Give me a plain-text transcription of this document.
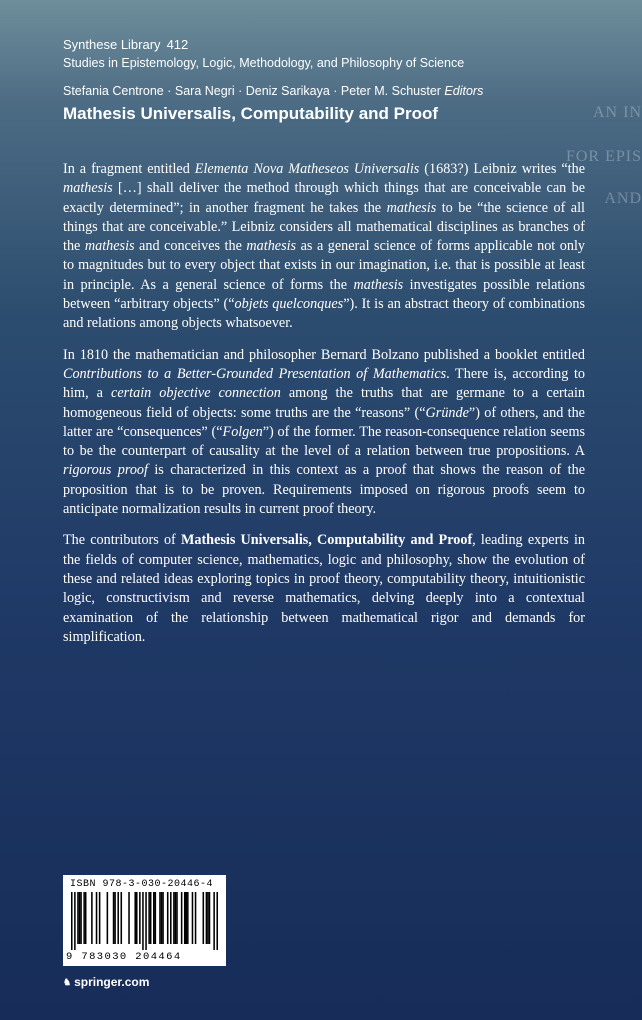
Synthese Library 412
Studies in Epistemology, Logic, Methodology, and Philosophy of Science
Stefania Centrone · Sara Negri · Deniz Sarikaya · Peter M. Schuster Editors
Mathesis Universalis, Computability and Proof	AN IN
FOR EPIS
AND

In a fragment entitled Elementa Nova Matheseos Universalis (1683?) Leibniz writes “the mathesis […] shall deliver the method through which things that are conceivable can be exactly determined”; in another fragment he takes the mathesis to be “the science of all things that are conceivable.” Leibniz considers all mathematical disciplines as branches of the mathesis and conceives the mathesis as a general science of forms applicable not only to magnitudes but to every object that exists in our imagination, i.e. that is possible at least in principle. As a general science of forms the mathesis investigates possible relations between “arbitrary objects” (“objets quelconques”). It is an abstract theory of combinations and relations among objects whatsoever.

In 1810 the mathematician and philosopher Bernard Bolzano published a booklet entitled Contributions to a Better-Grounded Presentation of Mathematics. There is, according to him, a certain objective connection among the truths that are germane to a certain homogeneous field of objects: some truths are the “reasons” (“Gründe”) of others, and the latter are “consequences” (“Folgen”) of the former. The reason-consequence relation seems to be the counterpart of causality at the level of a relation between true propositions. A rigorous proof is characterized in this context as a proof that shows the reason of the proposition that is to be proven. Requirements imposed on rigorous proofs seem to anticipate normalization results in current proof theory.

The contributors of Mathesis Universalis, Computability and Proof, leading experts in the fields of computer science, mathematics, logic and philosophy, show the evolution of these and related ideas exploring topics in proof theory, computability theory, intuitionistic logic, constructivism and reverse mathematics, delving deeply into a contextual examination of the relationship between mathematical rigor and demands for simplification.

ISBN 978-3-030-20446-4
9 783030 204464
♞ springer.com
